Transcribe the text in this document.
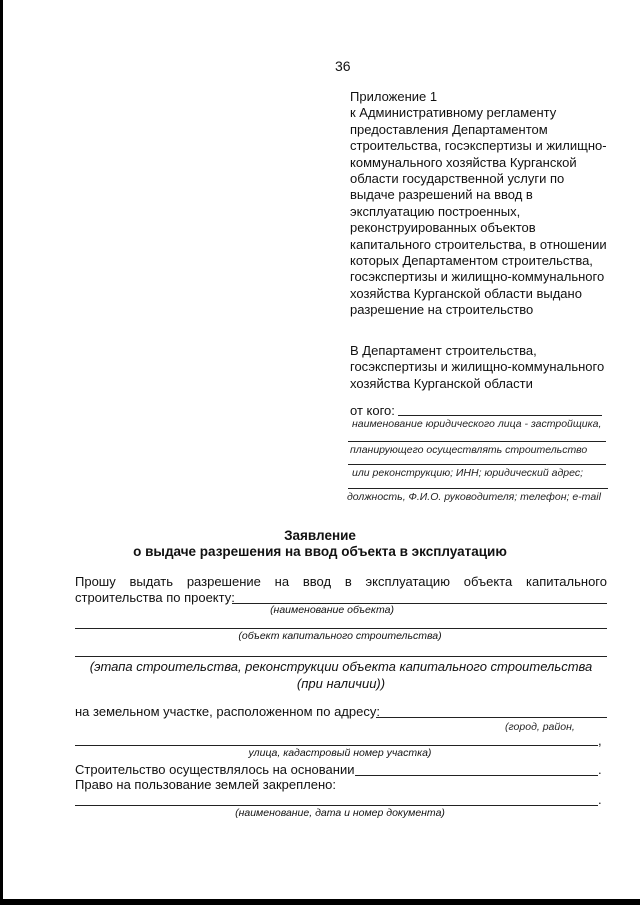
36
Приложение 1
к Административному регламенту
предоставления Департаментом
строительства, госэкспертизы и жилищно-
коммунального хозяйства Курганской
области государственной услуги по
выдаче разрешений на ввод в
эксплуатацию построенных,
реконструированных объектов
капитального строительства, в отношении
которых Департаментом строительства,
госэкспертизы и жилищно-коммунального
хозяйства Курганской области выдано
разрешение на строительство
В Департамент строительства,
госэкспертизы и жилищно-коммунального
хозяйства Курганской области
от кого:
наименование юридического лица - застройщика,
планирующего осуществлять строительство
или реконструкцию; ИНН; юридический адрес;
должность, Ф.И.О. руководителя; телефон; e-mail
Заявление
о выдаче разрешения на ввод объекта в эксплуатацию
Прошу выдать разрешение на ввод в эксплуатацию объекта капитального
строительства по проекту:
(наименование объекта)
(объект капитального строительства)
(этапа строительства, реконструкции объекта капитального строительства (при наличии))
на земельном участке, расположенном по адресу:
(город, район,
,
улица, кадастровый номер участка)
Строительство осуществлялось на основании	.
Право на пользование землей закреплено:
.
(наименование, дата и номер документа)
